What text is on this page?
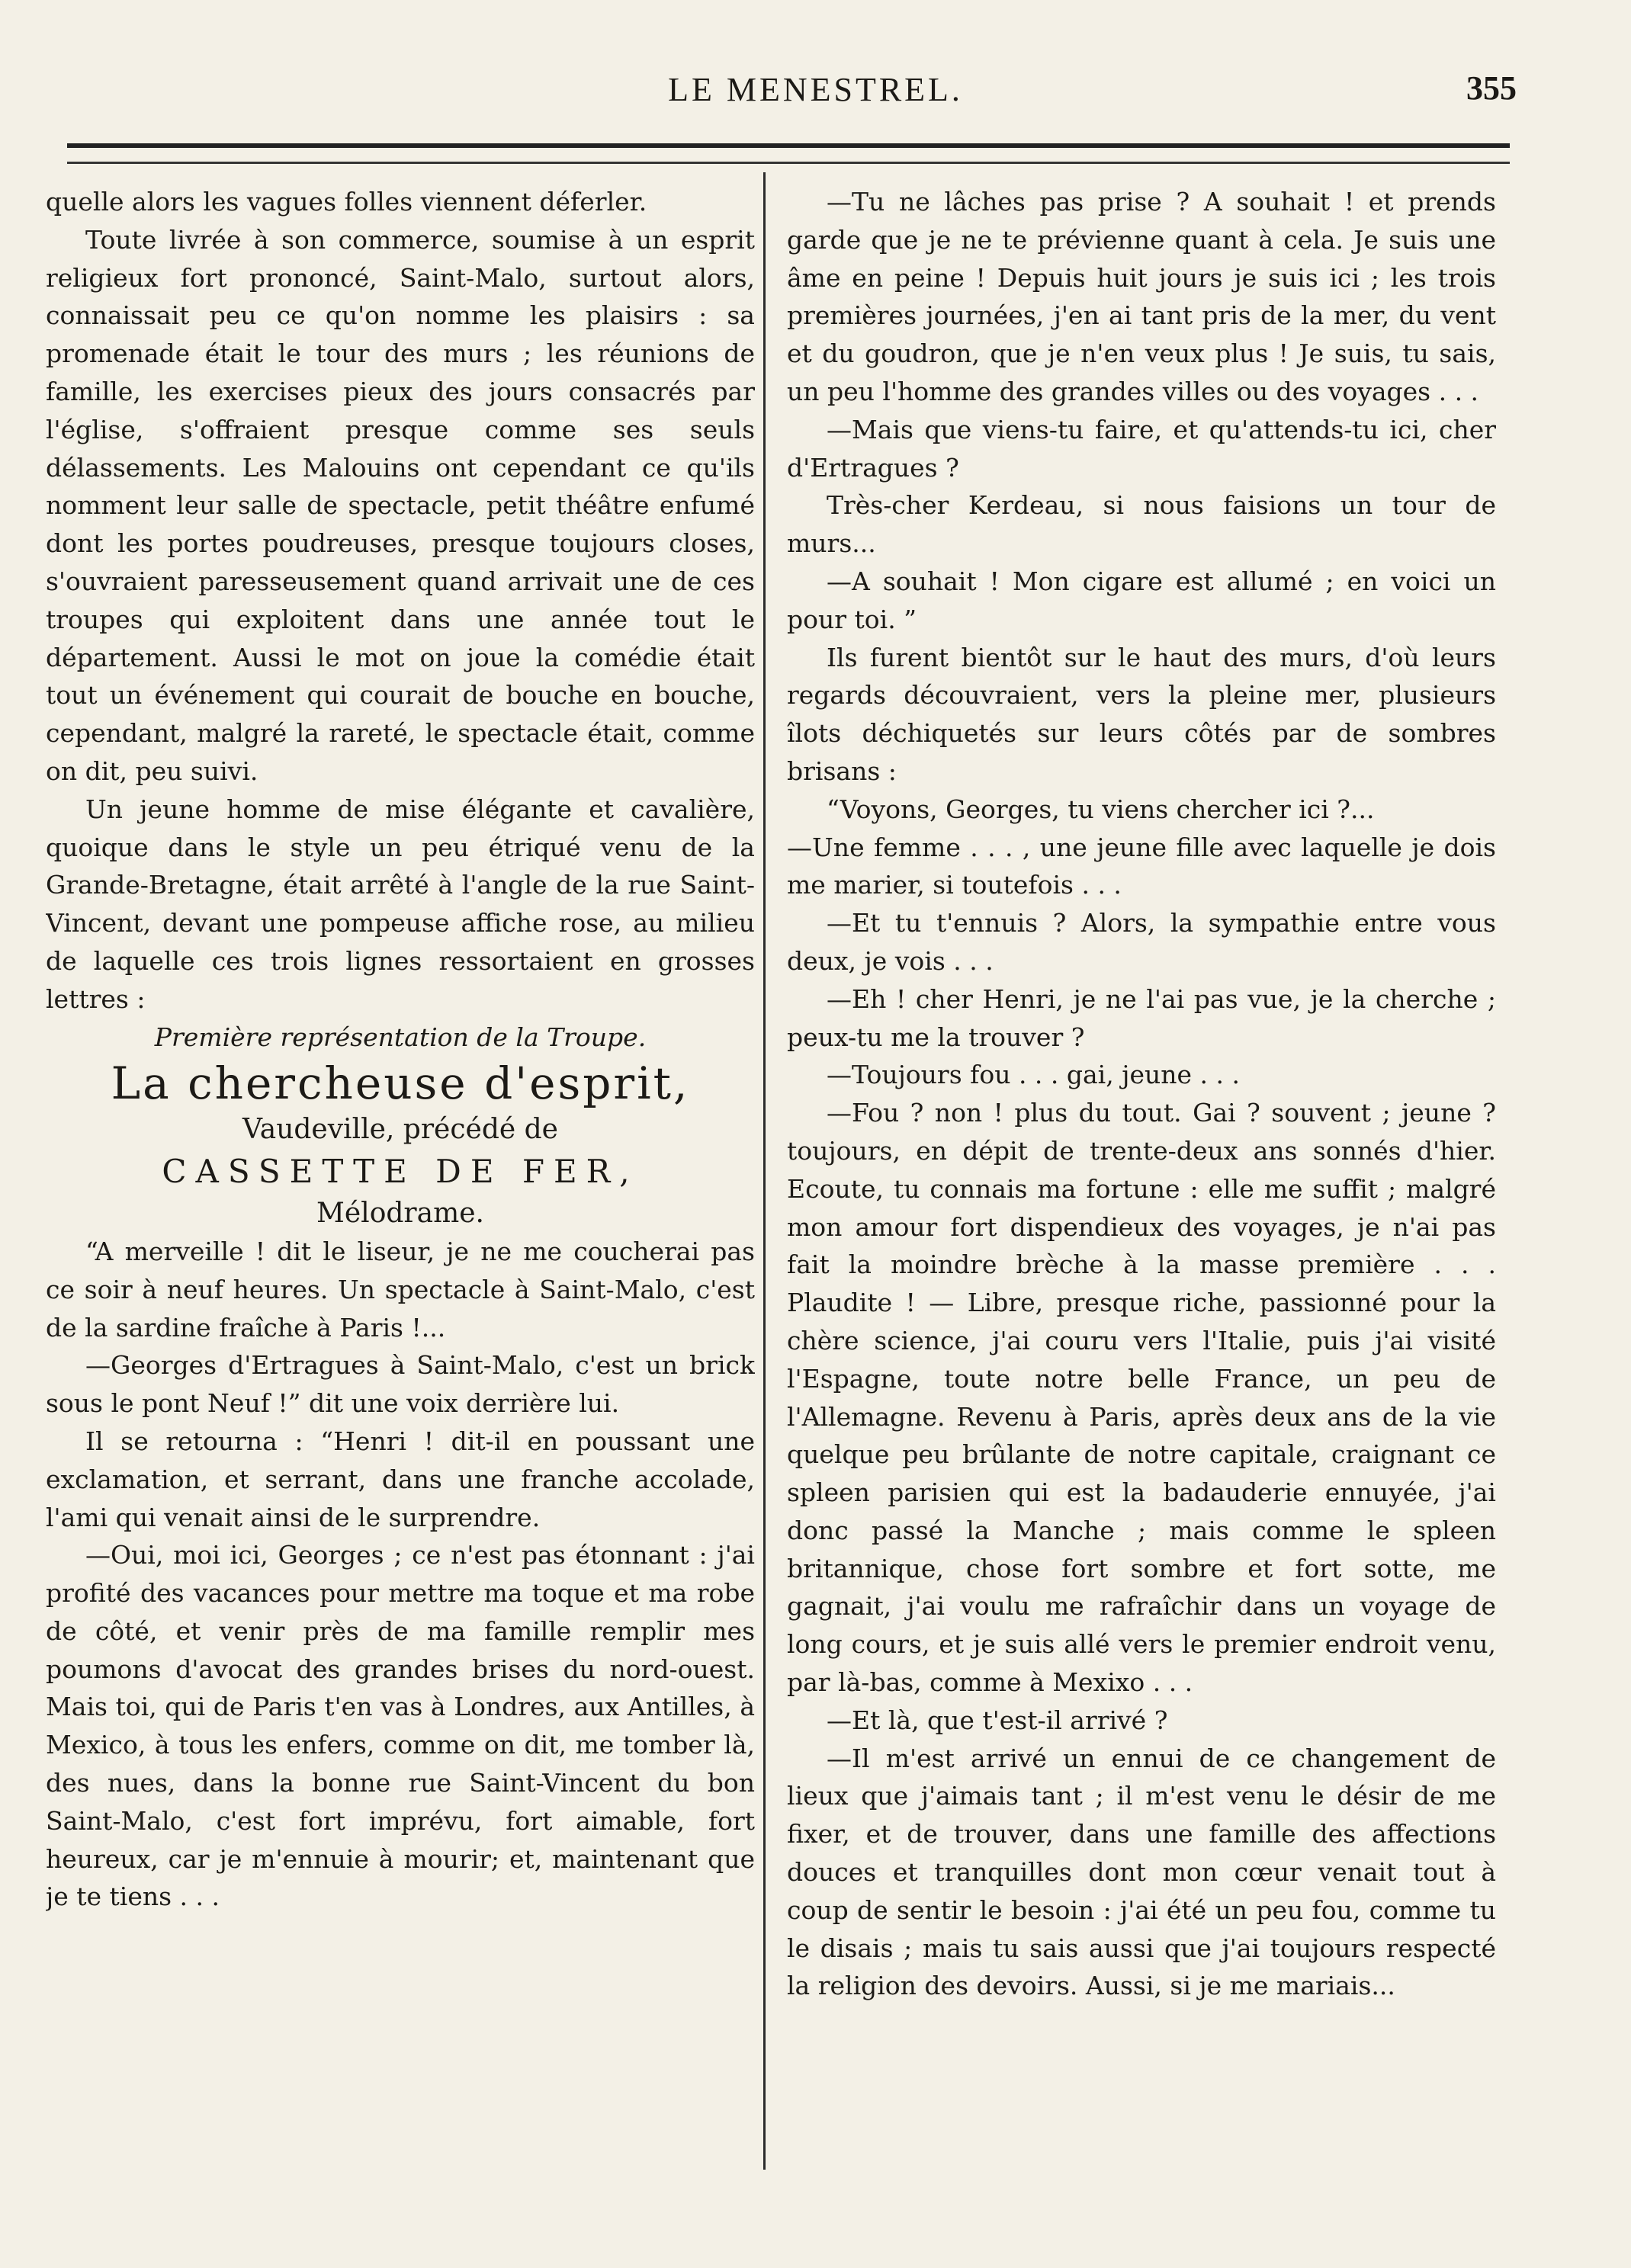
LE MENESTREL.	355

quelle alors les vagues folles viennent déferler.

Toute livrée à son commerce, soumise à un esprit religieux fort prononcé, Saint-Malo, surtout alors, connaissait peu ce qu'on nomme les plaisirs : sa promenade était le tour des murs ; les réunions de famille, les exercises pieux des jours consacrés par l'église, s'offraient presque comme ses seuls délassements. Les Malouins ont cependant ce qu'ils nomment leur salle de spectacle, petit théâtre enfumé dont les portes poudreuses, presque toujours closes, s'ouvraient paresseusement quand arrivait une de ces troupes qui exploitent dans une année tout le département. Aussi le mot on joue la comédie était tout un événement qui courait de bouche en bouche, cependant, malgré la rareté, le spectacle était, comme on dit, peu suivi.

Un jeune homme de mise élégante et cavalière, quoique dans le style un peu étriqué venu de la Grande-Bretagne, était arrêté à l'angle de la rue Saint-Vincent, devant une pompeuse affiche rose, au milieu de laquelle ces trois lignes ressortaient en grosses lettres :

Première représentation de la Troupe.

La chercheuse d'esprit,

Vaudeville, précédé de

CASSETTE DE FER,

Mélodrame.

“A merveille ! dit le liseur, je ne me coucherai pas ce soir à neuf heures. Un spectacle à Saint-Malo, c'est de la sardine fraîche à Paris !...

—Georges d'Ertragues à Saint-Malo, c'est un brick sous le pont Neuf !” dit une voix derrière lui.

Il se retourna : “Henri ! dit-il en poussant une exclamation, et serrant, dans une franche accolade, l'ami qui venait ainsi de le surprendre.

—Oui, moi ici, Georges ; ce n'est pas étonnant : j'ai profité des vacances pour mettre ma toque et ma robe de côté, et venir près de ma famille remplir mes poumons d'avocat des grandes brises du nord-ouest. Mais toi, qui de Paris t'en vas à Londres, aux Antilles, à Mexico, à tous les enfers, comme on dit, me tomber là, des nues, dans la bonne rue Saint-Vincent du bon Saint-Malo, c'est fort imprévu, fort aimable, fort heureux, car je m'ennuie à mourir; et, maintenant que je te tiens . . .

—Tu ne lâches pas prise ? A souhait ! et prends garde que je ne te prévienne quant à cela. Je suis une âme en peine ! Depuis huit jours je suis ici ; les trois premières journées, j'en ai tant pris de la mer, du vent et du goudron, que je n'en veux plus ! Je suis, tu sais, un peu l'homme des grandes villes ou des voyages . . .

—Mais que viens-tu faire, et qu'attends-tu ici, cher d'Ertragues ?

Très-cher Kerdeau, si nous faisions un tour de murs...

—A souhait ! Mon cigare est allumé ; en voici un pour toi. ”

Ils furent bientôt sur le haut des murs, d'où leurs regards découvraient, vers la pleine mer, plusieurs îlots déchiquetés sur leurs côtés par de sombres brisans :

“Voyons, Georges, tu viens chercher ici ?...

—Une femme . . . , une jeune fille avec laquelle je dois me marier, si toutefois . . .

—Et tu t'ennuis ? Alors, la sympathie entre vous deux, je vois . . .

—Eh ! cher Henri, je ne l'ai pas vue, je la cherche ; peux-tu me la trouver ?

—Toujours fou . . . gai, jeune . . .

—Fou ? non ! plus du tout. Gai ? souvent ; jeune ? toujours, en dépit de trente-deux ans sonnés d'hier. Ecoute, tu connais ma fortune : elle me suffit ; malgré mon amour fort dispendieux des voyages, je n'ai pas fait la moindre brèche à la masse première . . . Plaudite ! — Libre, presque riche, passionné pour la chère science, j'ai couru vers l'Italie, puis j'ai visité l'Espagne, toute notre belle France, un peu de l'Allemagne. Revenu à Paris, après deux ans de la vie quelque peu brûlante de notre capitale, craignant ce spleen parisien qui est la badauderie ennuyée, j'ai donc passé la Manche ; mais comme le spleen britannique, chose fort sombre et fort sotte, me gagnait, j'ai voulu me rafraîchir dans un voyage de long cours, et je suis allé vers le premier endroit venu, par là-bas, comme à Mexixo . . .

—Et là, que t'est-il arrivé ?

—Il m'est arrivé un ennui de ce changement de lieux que j'aimais tant ; il m'est venu le désir de me fixer, et de trouver, dans une famille des affections douces et tranquilles dont mon cœur venait tout à coup de sentir le besoin : j'ai été un peu fou, comme tu le disais ; mais tu sais aussi que j'ai toujours respecté la religion des devoirs. Aussi, si je me mariais...
